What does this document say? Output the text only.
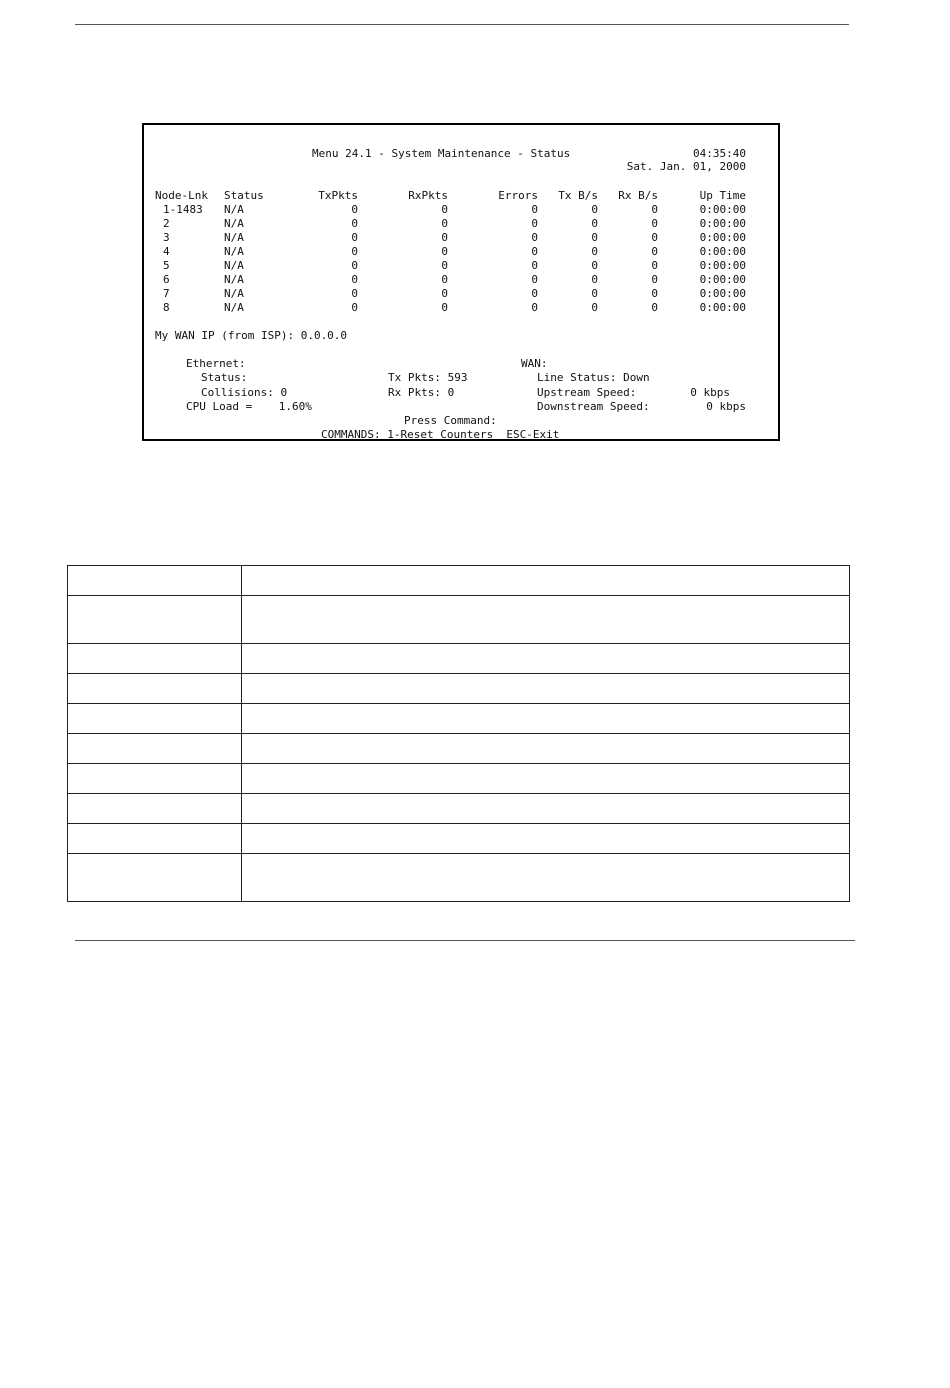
Menu 24.1 - System Maintenance - Status	04:35:40
Sat. Jan. 01, 2000
Node-Lnk	Status	TxPkts	RxPkts	Errors	Tx B/s	Rx B/s	Up Time
1-1483	N/A	0	0	0	0	0	0:00:00
2	N/A	0	0	0	0	0	0:00:00
3	N/A	0	0	0	0	0	0:00:00
4	N/A	0	0	0	0	0	0:00:00
5	N/A	0	0	0	0	0	0:00:00
6	N/A	0	0	0	0	0	0:00:00
7	N/A	0	0	0	0	0	0:00:00
8	N/A	0	0	0	0	0	0:00:00
My WAN IP (from ISP): 0.0.0.0
Ethernet:
Status:
Collisions: 0
CPU Load =    1.60%
Tx Pkts: 593
Rx Pkts: 0
WAN:
Line Status: Down
Upstream Speed:	0 kbps
Downstream Speed:	0 kbps
Press Command:
COMMANDS: 1-Reset Counters  ESC-Exit
